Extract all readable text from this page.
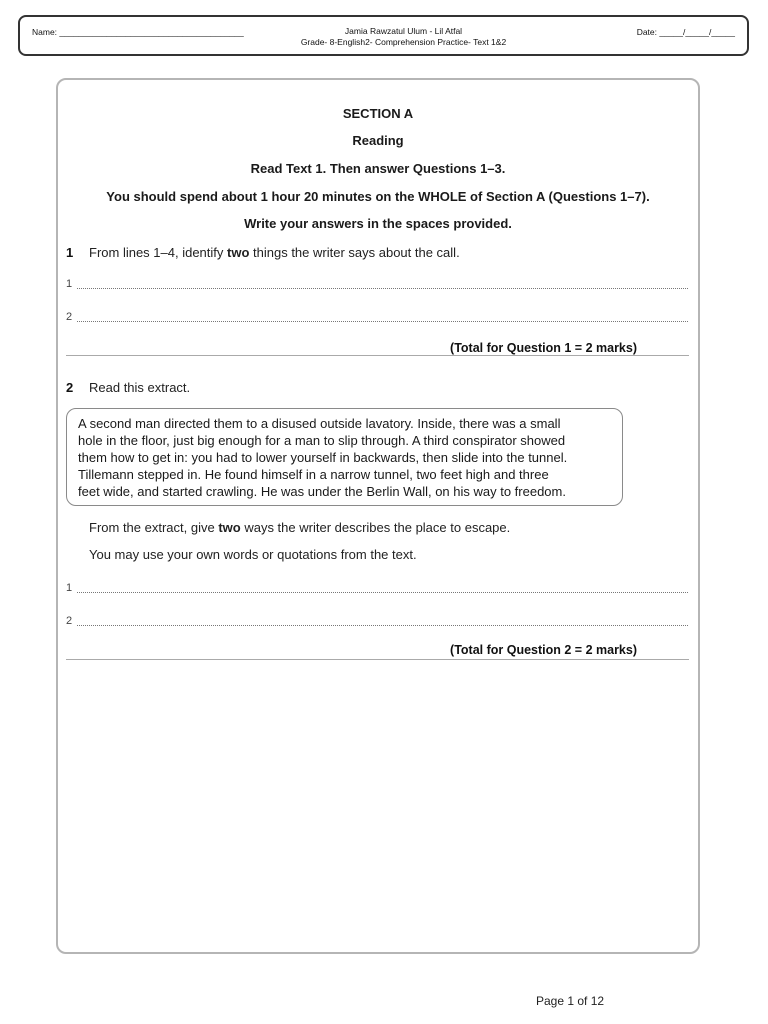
Name: _______________________________________	Jamia Rawzatul Ulum - Lil Atfal
Grade- 8-English2- Comprehension Practice- Text 1&2
Date: _____/_____/_____
SECTION A
Reading
Read Text 1. Then answer Questions 1–3.
You should spend about 1 hour 20 minutes on the WHOLE of Section A (Questions 1–7).
Write your answers in the spaces provided.
1 From lines 1–4, identify two things the writer says about the call.
1
2
(Total for Question 1 = 2 marks)
2 Read this extract.
A second man directed them to a disused outside lavatory. Inside, there was a small
hole in the floor, just big enough for a man to slip through. A third conspirator showed
them how to get in: you had to lower yourself in backwards, then slide into the tunnel.
Tillemann stepped in. He found himself in a narrow tunnel, two feet high and three
feet wide, and started crawling. He was under the Berlin Wall, on his way to freedom.
From the extract, give two ways the writer describes the place to escape.
You may use your own words or quotations from the text.
1
2
(Total for Question 2 = 2 marks)
Page 1 of 12
